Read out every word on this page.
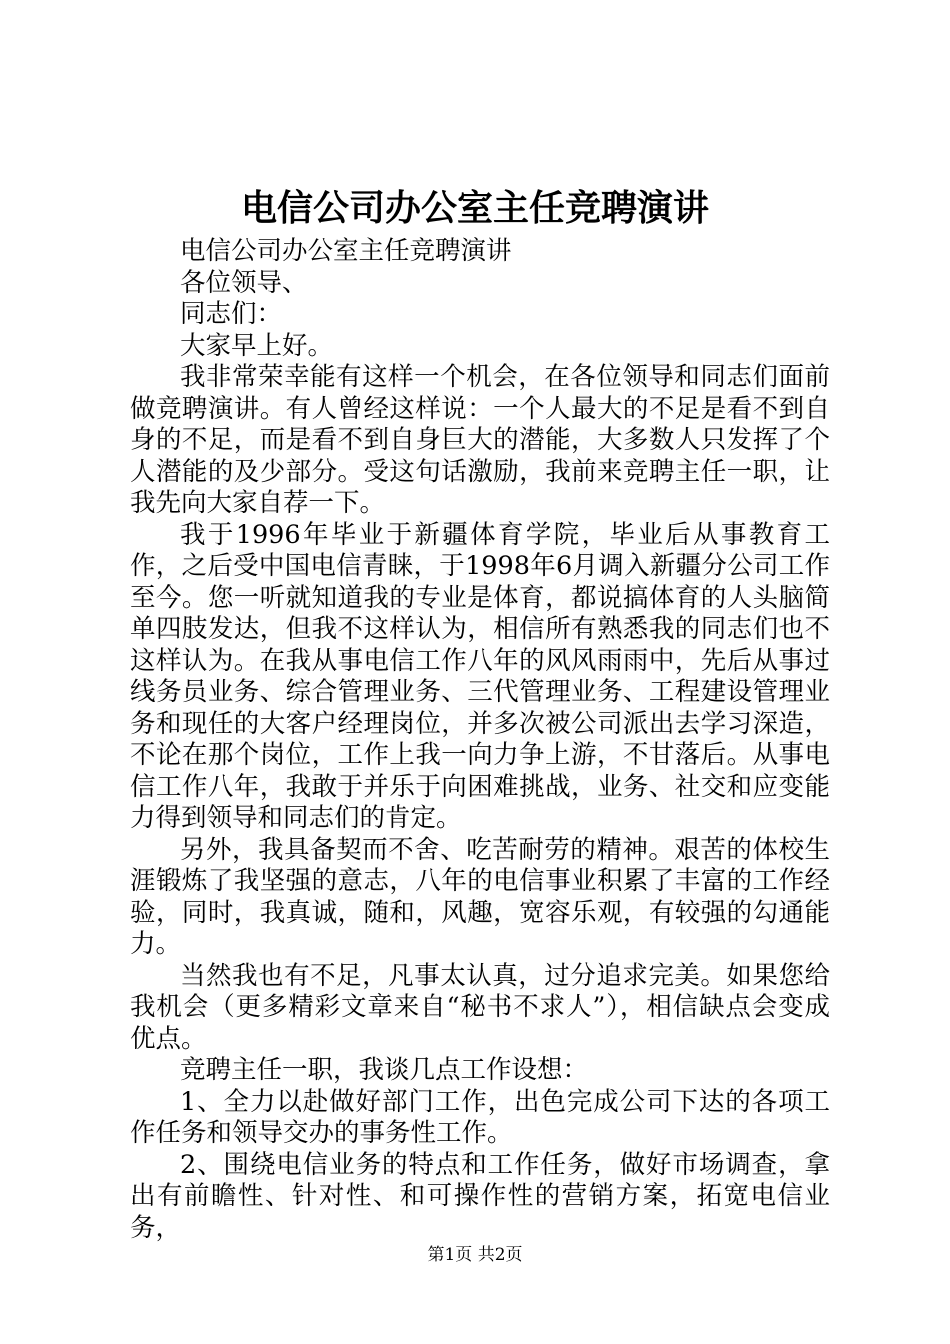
电信公司办公室主任竞聘演讲

电信公司办公室主任竞聘演讲

各位领导、

同志们：

大家早上好。

我非常荣幸能有这样一个机会，在各位领导和同志们面前做竞聘演讲。有人曾经这样说：一个人最大的不足是看不到自身的不足，而是看不到自身巨大的潜能，大多数人只发挥了个人潜能的及少部分。受这句话激励，我前来竞聘主任一职，让我先向大家自荐一下。

我于1996年毕业于新疆体育学院，毕业后从事教育工作，之后受中国电信青睐，于1998年6月调入新疆分公司工作至今。您一听就知道我的专业是体育，都说搞体育的人头脑简单四肢发达，但我不这样认为，相信所有熟悉我的同志们也不这样认为。在我从事电信工作八年的风风雨雨中，先后从事过线务员业务、综合管理业务、三代管理业务、工程建设管理业务和现任的大客户经理岗位，并多次被公司派出去学习深造，不论在那个岗位，工作上我一向力争上游，不甘落后。从事电信工作八年，我敢于并乐于向困难挑战，业务、社交和应变能力得到领导和同志们的肯定。

另外，我具备契而不舍、吃苦耐劳的精神。艰苦的体校生涯锻炼了我坚强的意志，八年的电信事业积累了丰富的工作经验，同时，我真诚，随和，风趣，宽容乐观，有较强的勾通能力。

当然我也有不足，凡事太认真，过分追求完美。如果您给我机会（更多精彩文章来自“秘书不求人”），相信缺点会变成优点。

竞聘主任一职，我谈几点工作设想：

1、全力以赴做好部门工作，出色完成公司下达的各项工作任务和领导交办的事务性工作。

2、围绕电信业务的特点和工作任务，做好市场调查，拿出有前瞻性、针对性、和可操作性的营销方案，拓宽电信业务，

第1页 共2页
